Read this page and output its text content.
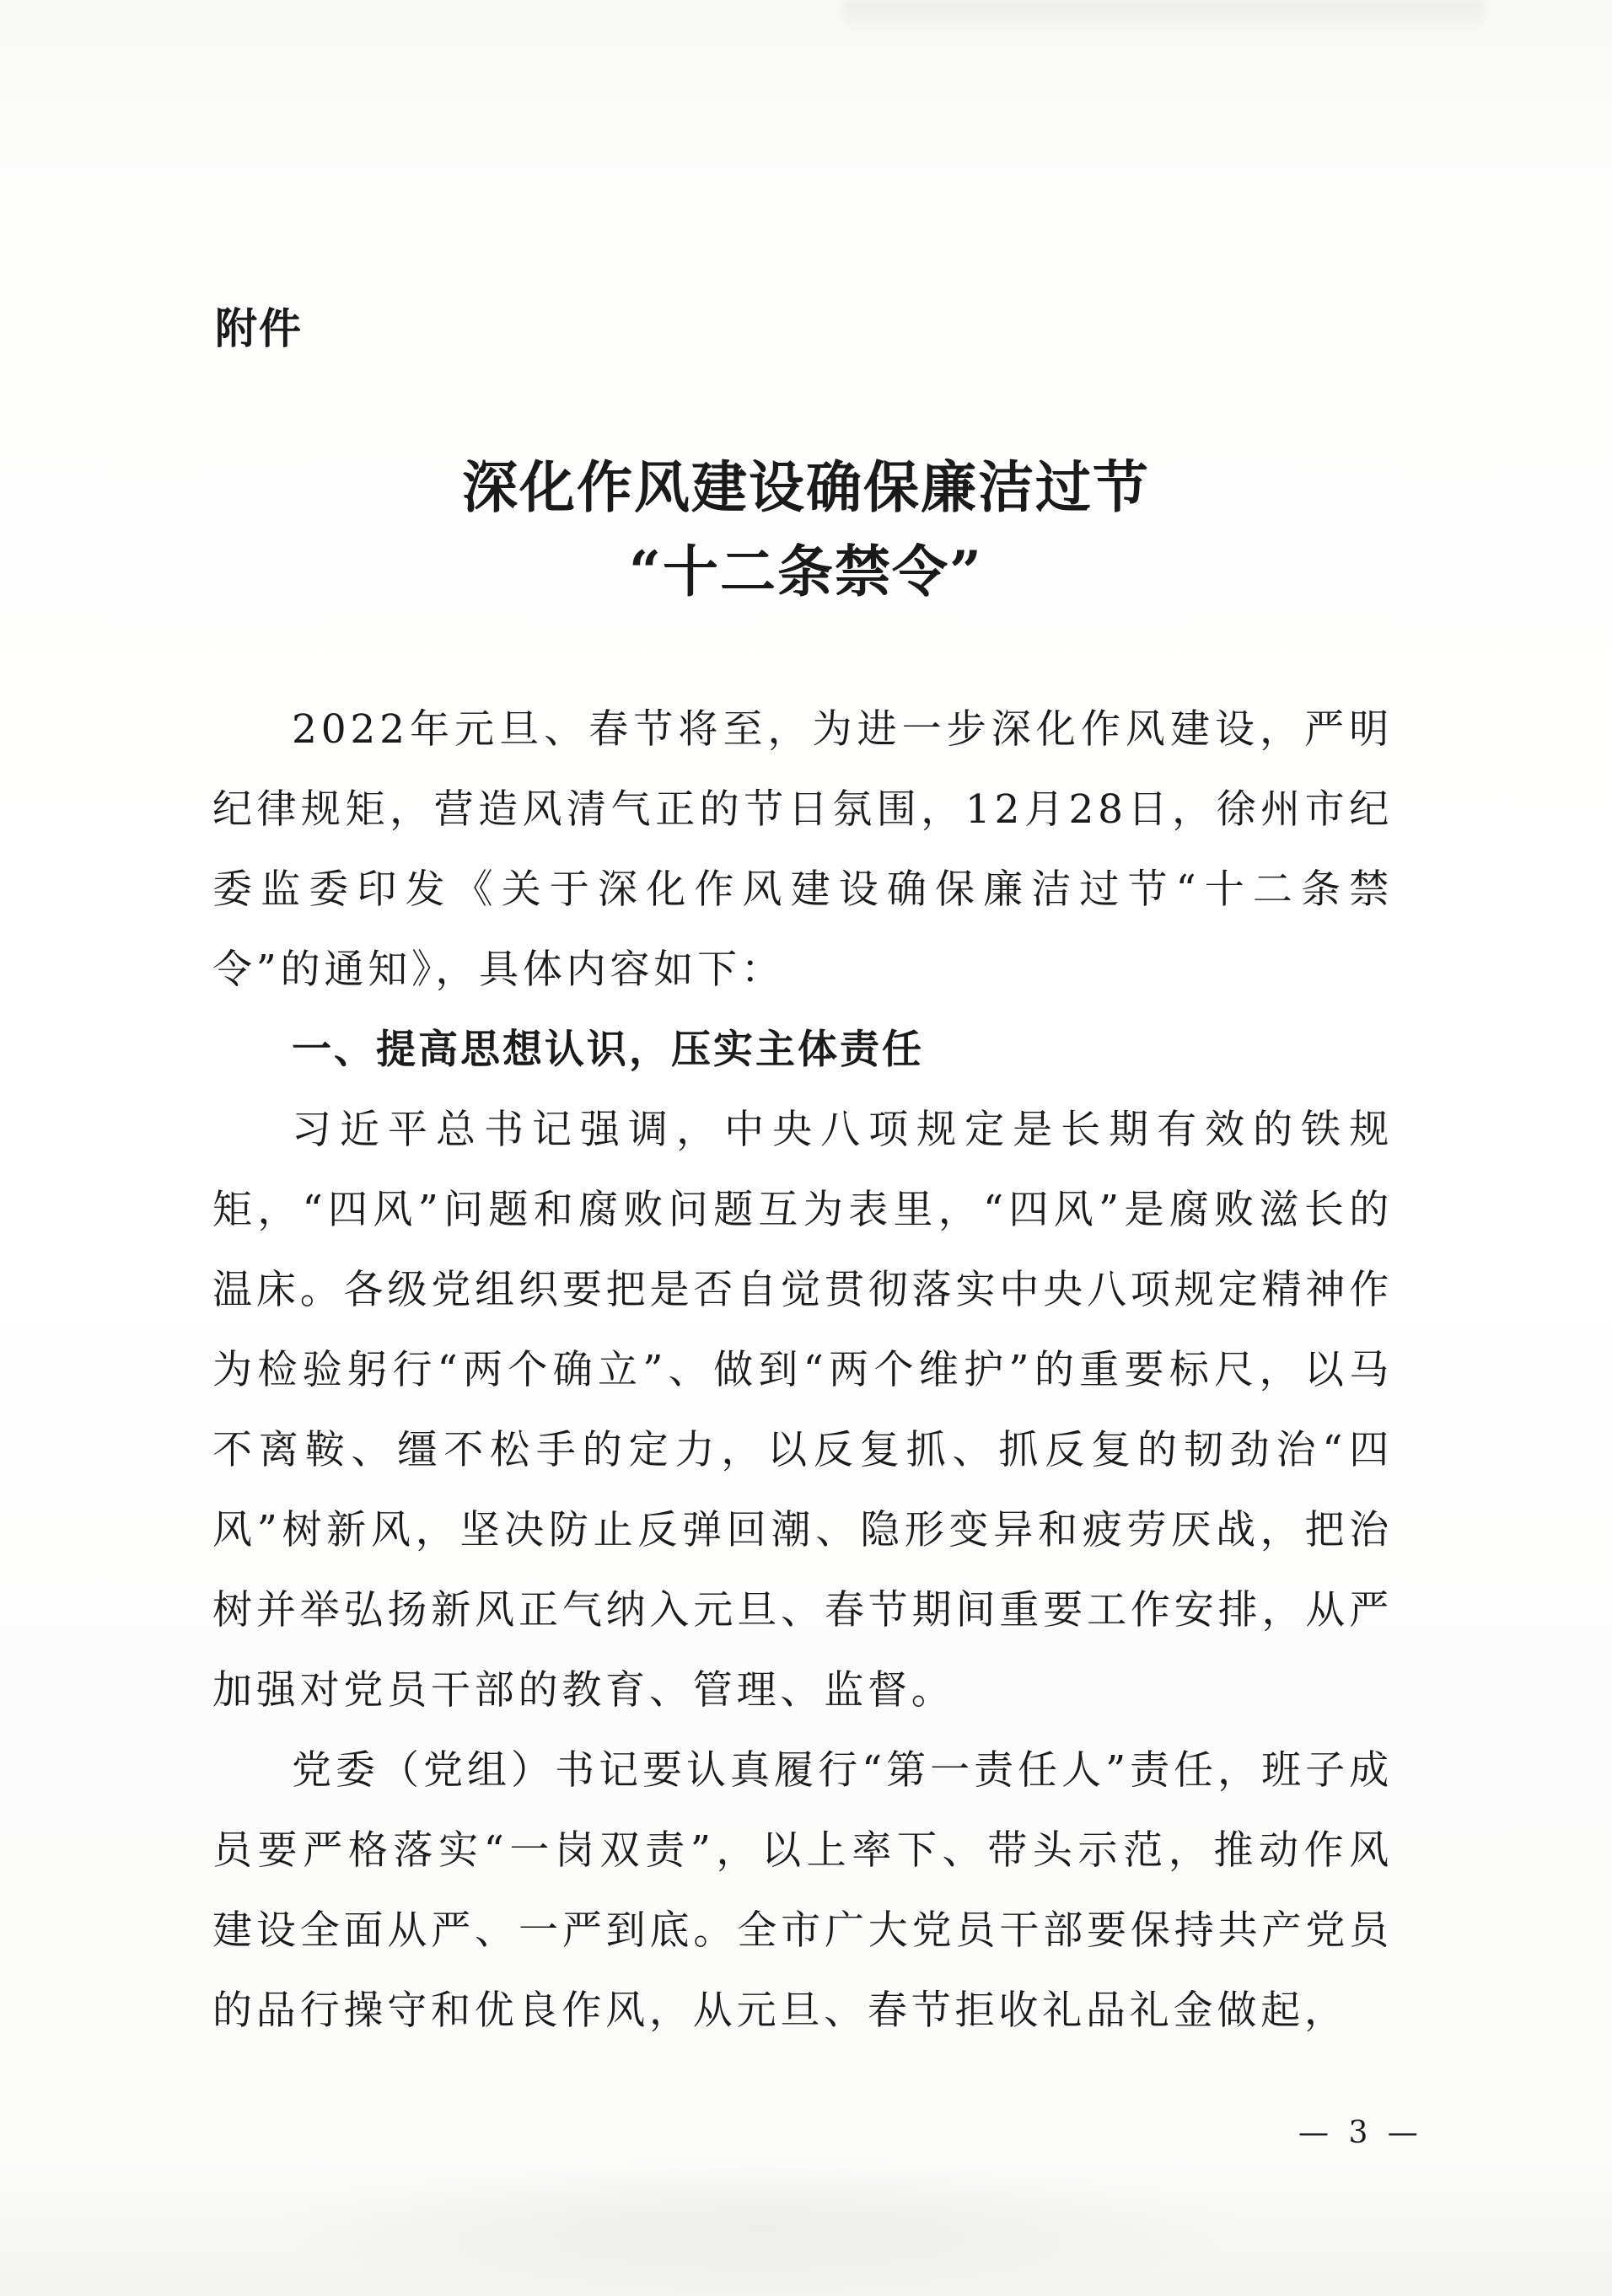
附件
深化作风建设确保廉洁过节
“十二条禁令”

2022年元旦、春节将至，为进一步深化作风建设，严明纪律规矩，营造风清气正的节日氛围，12月28日，徐州市纪委监委印发《关于深化作风建设确保廉洁过节“十二条禁令”的通知》，具体内容如下：

一、提高思想认识，压实主体责任

习近平总书记强调，中央八项规定是长期有效的铁规矩，“四风”问题和腐败问题互为表里，“四风”是腐败滋长的温床。各级党组织要把是否自觉贯彻落实中央八项规定精神作为检验躬行“两个确立”、做到“两个维护”的重要标尺，以马不离鞍、缰不松手的定力，以反复抓、抓反复的韧劲治“四风”树新风，坚决防止反弹回潮、隐形变异和疲劳厌战，把治树并举弘扬新风正气纳入元旦、春节期间重要工作安排，从严加强对党员干部的教育、管理、监督。

党委（党组）书记要认真履行“第一责任人”责任，班子成员要严格落实“一岗双责”，以上率下、带头示范，推动作风建设全面从严、一严到底。全市广大党员干部要保持共产党员的品行操守和优良作风，从元旦、春节拒收礼品礼金做起，

— 3 —
